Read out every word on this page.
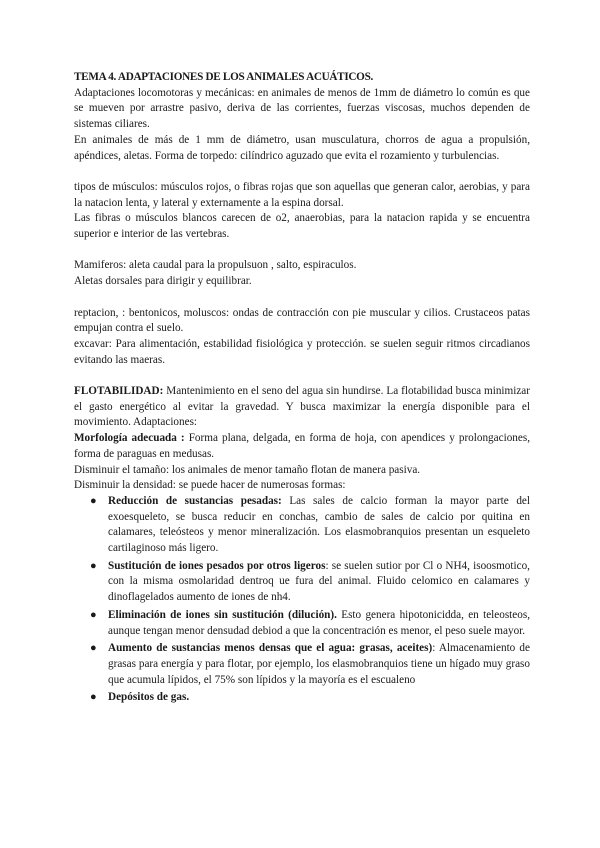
TEMA 4. ADAPTACIONES DE LOS ANIMALES ACUÁTICOS.

Adaptaciones locomotoras y mecánicas: en animales de menos de 1mm de diámetro lo común es que se mueven por arrastre pasivo, deriva de las corrientes, fuerzas viscosas, muchos dependen de sistemas ciliares.

En animales de más de 1 mm de diámetro, usan musculatura, chorros de agua a propulsión, apéndices, aletas. Forma de torpedo: cilíndrico aguzado que evita el rozamiento y turbulencias.

tipos de músculos: músculos rojos, o fibras rojas que son aquellas que generan calor, aerobias, y para la natacion lenta, y lateral y externamente a la espina dorsal.

Las fibras o músculos blancos carecen de o2, anaerobias, para la natacion rapida y se encuentra superior e interior de las vertebras.

Mamiferos: aleta caudal para la propulsuon , salto, espiraculos.

Aletas dorsales para dirigir y equilibrar.

reptacion, : bentonicos, moluscos: ondas de contracción con pie muscular y cilios. Crustaceos patas empujan contra el suelo.

excavar: Para alimentación, estabilidad fisiológica y protección. se suelen seguir ritmos circadianos evitando las maeras.

FLOTABILIDAD: Mantenimiento en el seno del agua sin hundirse. La flotabilidad busca minimizar el gasto energético al evitar la gravedad. Y busca maximizar la energía disponible para el movimiento. Adaptaciones:

Morfología adecuada : Forma plana, delgada, en forma de hoja, con apendices y prolongaciones, forma de paraguas en medusas.

Disminuir el tamaño: los animales de menor tamaño flotan de manera pasiva.

Disminuir la densidad: se puede hacer de numerosas formas:

● Reducción de sustancias pesadas: Las sales de calcio forman la mayor parte del exoesqueleto, se busca reducir en conchas, cambio de sales de calcio por quitina en calamares, teleósteos y menor mineralización. Los elasmobranquios presentan un esqueleto cartilaginoso más ligero.
● Sustitución de iones pesados por otros ligeros: se suelen sutior por Cl o NH4, isoosmotico, con la misma osmolaridad dentroq ue fura del animal. Fluido celomico en calamares y dinoflagelados aumento de iones de nh4.
● Eliminación de iones sin sustitución (dilución). Esto genera hipotonicidda, en teleosteos, aunque tengan menor densudad debiod a que la concentración es menor, el peso suele mayor.
● Aumento de sustancias menos densas que el agua: grasas, aceites): Almacenamiento de grasas para energía y para flotar, por ejemplo, los elasmobranquios tiene un hígado muy graso que acumula lípidos, el 75% son lípidos y la mayoría es el escualeno
● Depósitos de gas.
